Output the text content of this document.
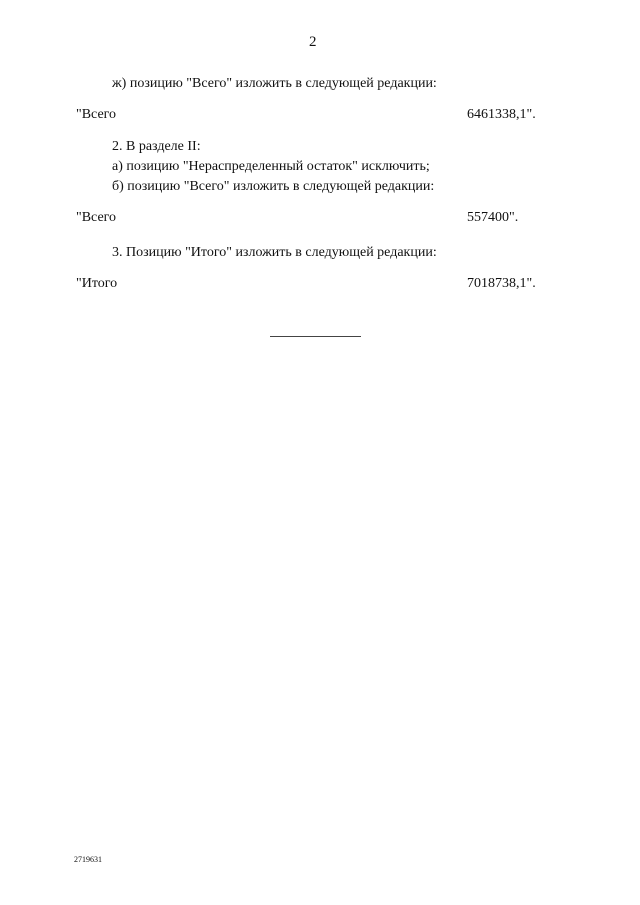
2
ж) позицию "Всего" изложить в следующей редакции:
"Всего	6461338,1".
2. В разделе II:
а) позицию "Нераспределенный остаток" исключить;
б) позицию "Всего" изложить в следующей редакции:
"Всего	557400".
3. Позицию "Итого" изложить в следующей редакции:
"Итого	7018738,1".
2719631
